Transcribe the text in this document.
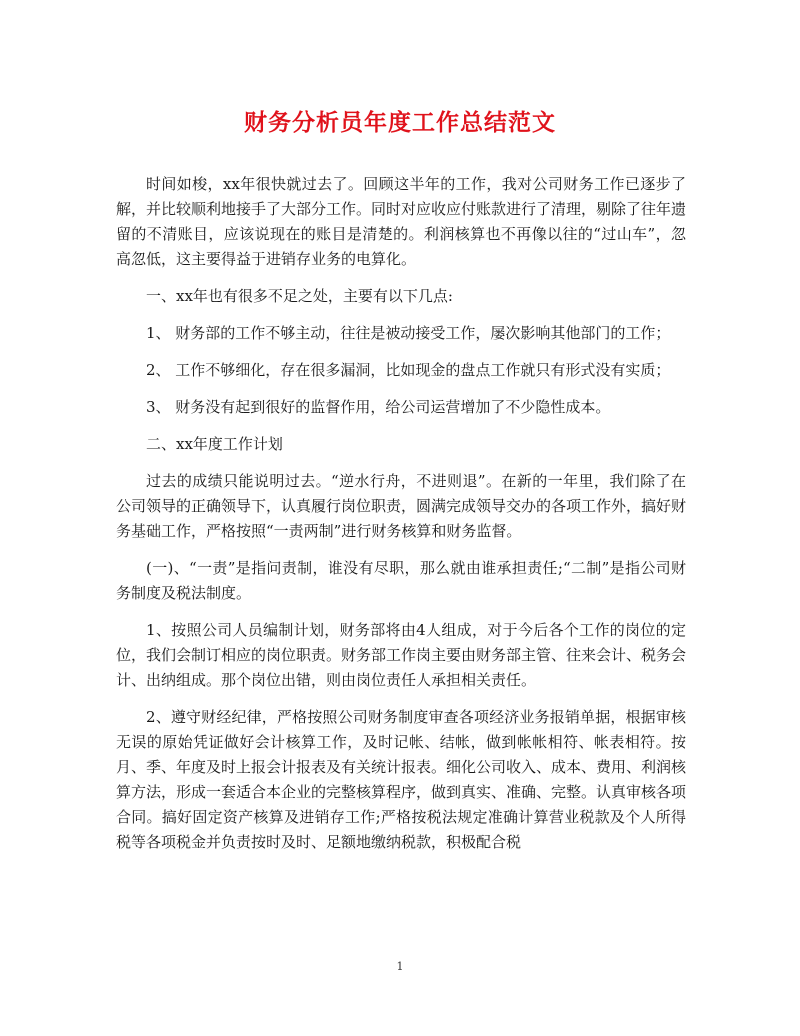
财务分析员年度工作总结范文

时间如梭，xx年很快就过去了。回顾这半年的工作，我对公司财务工作已逐步了解，并比较顺利地接手了大部分工作。同时对应收应付账款进行了清理，剔除了往年遗留的不清账目，应该说现在的账目是清楚的。利润核算也不再像以往的“过山车”，忽高忽低，这主要得益于进销存业务的电算化。

一、xx年也有很多不足之处，主要有以下几点:

1、 财务部的工作不够主动，往往是被动接受工作，屡次影响其他部门的工作；

2、 工作不够细化，存在很多漏洞，比如现金的盘点工作就只有形式没有实质；

3、 财务没有起到很好的监督作用，给公司运营增加了不少隐性成本。

二、xx年度工作计划

过去的成绩只能说明过去。“逆水行舟，不进则退”。在新的一年里，我们除了在公司领导的正确领导下，认真履行岗位职责，圆满完成领导交办的各项工作外，搞好财务基础工作，严格按照“一责两制”进行财务核算和财务监督。

(一)、“一责”是指问责制，谁没有尽职，那么就由谁承担责任;“二制”是指公司财务制度及税法制度。

1、按照公司人员编制计划，财务部将由4人组成，对于今后各个工作的岗位的定位，我们会制订相应的岗位职责。财务部工作岗主要由财务部主管、往来会计、税务会计、出纳组成。那个岗位出错，则由岗位责任人承担相关责任。

2、遵守财经纪律，严格按照公司财务制度审查各项经济业务报销单据，根据审核无误的原始凭证做好会计核算工作，及时记帐、结帐，做到帐帐相符、帐表相符。按月、季、年度及时上报会计报表及有关统计报表。细化公司收入、成本、费用、利润核算方法，形成一套适合本企业的完整核算程序，做到真实、准确、完整。认真审核各项合同。搞好固定资产核算及进销存工作;严格按税法规定准确计算营业税款及个人所得税等各项税金并负责按时及时、足额地缴纳税款，积极配合税

1
